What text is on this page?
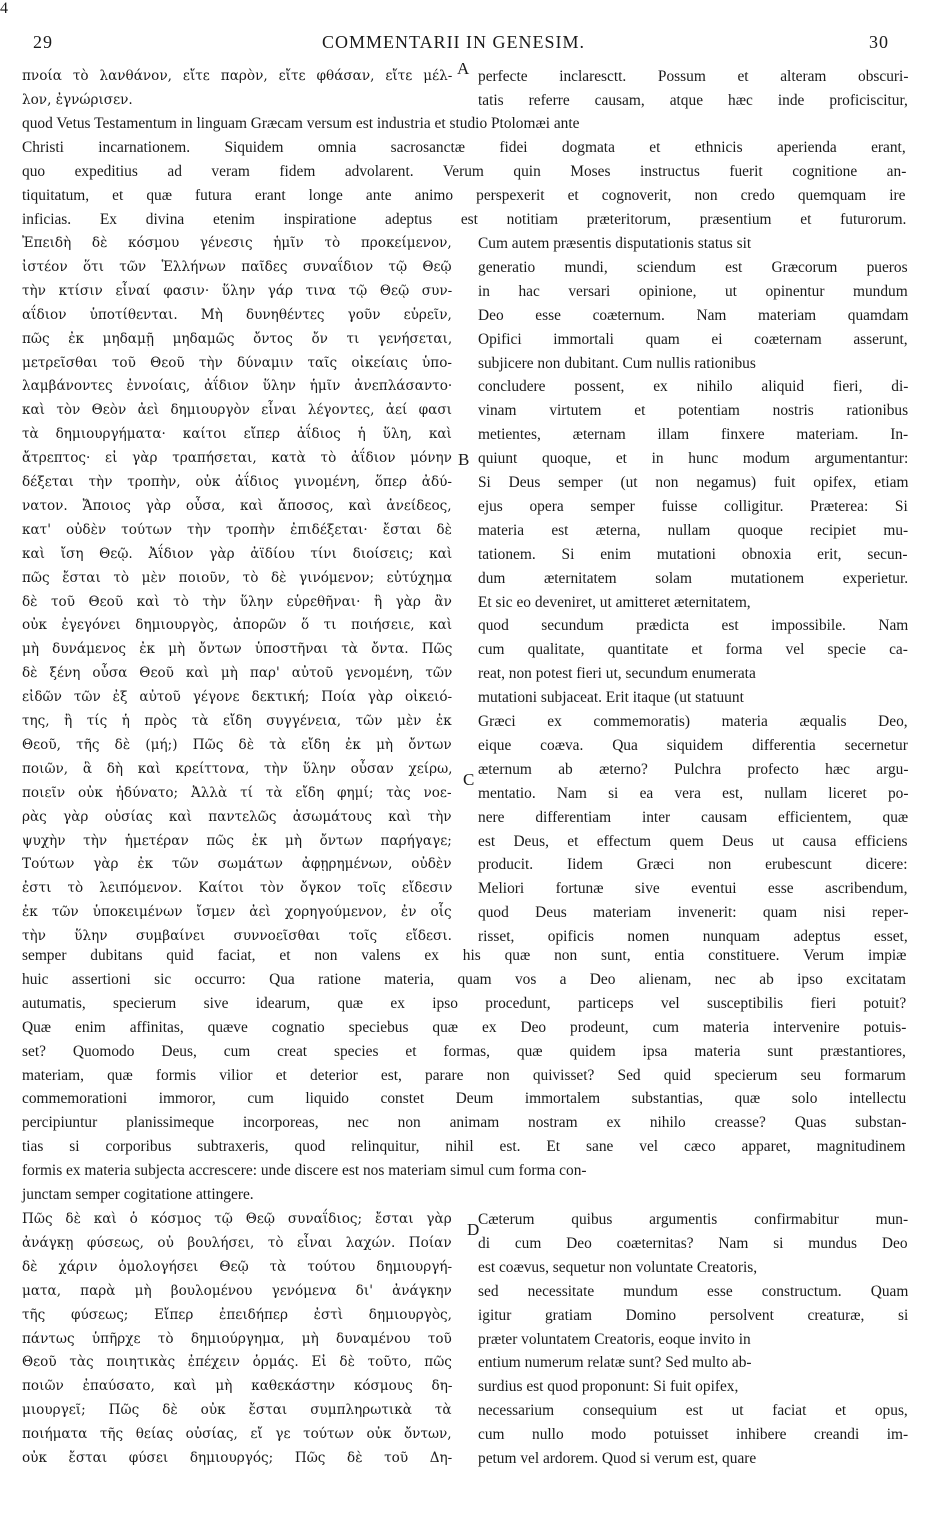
29	COMMENTARII IN GENESIM.	30
A
B
C
D
4
πνοία τὸ λανθάνον, εἴτε παρὸν, εἴτε φθάσαν, εἴτε μέλ-
λον, ἐγνώρισεν.
perfecte inclaresctt. Possum et alteram obscuri-
tatis referre causam, atque hæc inde proficiscitur,
quod Vetus Testamentum in linguam Græcam versum est industria et studio Ptolomæi ante
Christi incarnationem. Siquidem omnia sacrosanctæ fidei dogmata et ethnicis aperienda erant,
quo expeditius ad veram fidem advolarent. Verum quin Moses instructus fuerit cognitione an-
tiquitatum, et quæ futura erant longe ante animo perspexerit et cognoverit, non credo quemquam ire
inficias. Ex divina etenim inspiratione adeptus est notitiam præteritorum, præsentium et futurorum.
Ἐπειδὴ δὲ κόσμου γένεσις ἡμῖν τὸ προκείμενον,
ἰστέον ὅτι τῶν Ἑλλήνων παῖδες συναΐδιον τῷ Θεῷ
τὴν κτίσιν εἶναί φασιν· ὕλην γάρ τινα τῷ Θεῷ συν-
αΐδιον ὑποτίθενται. Μὴ δυνηθέντες γοῦν εὑρεῖν,
πῶς ἐκ μηδαμῇ μηδαμῶς ὄντος ὄν τι γενήσεται,
μετρεῖσθαι τοῦ Θεοῦ τὴν δύναμιν ταῖς οἰκείαις ὑπο-
λαμβάνοντες ἐννοίαις, ἀΐδιον ὕλην ἡμῖν ἀνεπλάσαντο·
καὶ τὸν Θεὸν ἀεὶ δημιουργὸν εἶναι λέγοντες, ἀεί φασι
τὰ δημιουργήματα· καίτοι εἴπερ ἀΐδιος ἡ ὕλη, καὶ
ἄτρεπτος· εἰ γὰρ τραπήσεται, κατὰ τὸ ἀΐδιον μόνην
δέξεται τὴν τροπὴν, οὐκ ἀΐδιος γινομένη, ὅπερ ἀδύ-
νατον. Ἄποιος γὰρ οὖσα, καὶ ἄποσος, καὶ ἀνείδεος,
κατ' οὐδὲν τούτων τὴν τροπὴν ἐπιδέξεται· ἔσται δὲ
καὶ ἴση Θεῷ. Ἀΐδιον γὰρ ἀϊδίου τίνι διοίσεις; καὶ
πῶς ἔσται τὸ μὲν ποιοῦν, τὸ δὲ γινόμενον; εὐτύχημα
δὲ τοῦ Θεοῦ καὶ τὸ τὴν ὕλην εὑρεθῆναι· ἣ γὰρ ἂν
οὐκ ἐγεγόνει δημιουργὸς, ἀπορῶν ὅ τι ποιήσειε, καὶ
μὴ δυνάμενος ἐκ μὴ ὄντων ὑποστῆναι τὰ ὄντα. Πῶς
δὲ ξένη οὖσα Θεοῦ καὶ μὴ παρ' αὐτοῦ γενομένη, τῶν
εἰδῶν τῶν ἐξ αὐτοῦ γέγονε δεκτική; Ποία γὰρ οἰκειό-
της, ἢ τίς ἡ πρὸς τὰ εἴδη συγγένεια, τῶν μὲν ἐκ
Θεοῦ, τῆς δὲ (μή;) Πῶς δὲ τὰ εἴδη ἐκ μὴ ὄντων
ποιῶν, ἃ δὴ καὶ κρείττονα, τὴν ὕλην οὖσαν χείρω,
ποιεῖν οὐκ ἠδύνατο; Ἀλλὰ τί τὰ εἴδη φημί; τὰς νοε-
ρὰς γὰρ οὐσίας καὶ παντελῶς ἀσωμάτους καὶ τὴν
ψυχὴν τὴν ἡμετέραν πῶς ἐκ μὴ ὄντων παρήγαγε;
Τούτων γὰρ ἐκ τῶν σωμάτων ἀφῃρημένων, οὐδὲν
ἐστι τὸ λειπόμενον. Καίτοι τὸν ὄγκον τοῖς εἴδεσιν
ἐκ τῶν ὑποκειμένων ἴσμεν ἀεὶ χορηγούμενον, ἐν οἷς
τὴν ὕλην συμβαίνει συννοεῖσθαι τοῖς εἴδεσι.
Cum autem præsentis disputationis status sit
generatio mundi, sciendum est Græcorum pueros
in hac versari opinione, ut opinentur mundum
Deo esse coæternum. Nam materiam quamdam
Opifici immortali quam ei coæternam asserunt,
subjicere non dubitant. Cum nullis rationibus
concludere possent, ex nihilo aliquid fieri, di-
vinam virtutem et potentiam nostris rationibus
metientes, æternam illam finxere materiam. In-
quiunt quoque, et in hunc modum argumentantur:
Si Deus semper (ut non negamus) fuit opifex, etiam
ejus opera semper fuisse colligitur. Præterea: Si
materia est æterna, nullam quoque recipiet mu-
tationem. Si enim mutationi obnoxia erit, secun-
dum æternitatem solam mutationem experietur.
Et sic eo deveniret, ut amitteret æternitatem,
quod secundum prædicta est impossibile. Nam
cum qualitate, quantitate et forma vel specie ca-
reat, non potest fieri ut, secundum enumerata
mutationi subjaceat. Erit itaque (ut statuunt
Græci ex commemoratis) materia æqualis Deo,
eique coæva. Qua siquidem differentia secernetur
æternum ab æterno? Pulchra profecto hæc argu-
mentatio. Nam si ea vera est, nullam liceret po-
nere differentiam inter causam efficientem, quæ
est Deus, et effectum quem Deus ut causa efficiens
producit. Iidem Græci non erubescunt dicere:
Meliori fortunæ sive eventui esse ascribendum,
quod Deus materiam invenerit: quam nisi reper-
risset, opificis nomen nunquam adeptus esset,
semper dubitans quid faciat, et non valens ex his quæ non sunt, entia constituere. Verum impiæ
huic assertioni sic occurro: Qua ratione materia, quam vos a Deo alienam, nec ab ipso excitatam
autumatis, specierum sive idearum, quæ ex ipso procedunt, particeps vel susceptibilis fieri potuit?
Quæ enim affinitas, quæve cognatio speciebus quæ ex Deo prodeunt, cum materia intervenire potuis-
set? Quomodo Deus, cum creat species et formas, quæ quidem ipsa materia sunt præstantiores,
materiam, quæ formis vilior et deterior est, parare non quivisset? Sed quid specierum seu formarum
commemorationi immoror, cum liquido constet Deum immortalem substantias, quæ solo intellectu
percipiuntur planissimeque incorporeas, nec non animam nostram ex nihilo creasse? Quas substan-
tias si corporibus subtraxeris, quod relinquitur, nihil est. Et sane vel cæco apparet, magnitudinem
formis ex materia subjecta accrescere: unde discere est nos materiam simul cum forma con-
junctam semper cogitatione attingere.
Πῶς δὲ καὶ ὁ κόσμος τῷ Θεῷ συναΐδιος; ἔσται γὰρ
ἀνάγκῃ φύσεως, οὐ βουλήσει, τὸ εἶναι λαχών. Ποίαν
δὲ χάριν ὁμολογήσει Θεῷ τὰ τούτου δημιουργή-
ματα, παρὰ μὴ βουλομένου γενόμενα δι' ἀνάγκην
τῆς φύσεως; Εἴπερ ἐπειδήπερ ἐστὶ δημιουργὸς,
πάντως ὑπῆρχε τὸ δημιούργημα, μὴ δυναμένου τοῦ
Θεοῦ τὰς ποιητικὰς ἐπέχειν ὁρμάς. Εἰ δὲ τοῦτο, πῶς
ποιῶν ἐπαύσατο, καὶ μὴ καθεκάστην κόσμους δη-
μιουργεῖ; Πῶς δὲ οὐκ ἔσται συμπληρωτικὰ τὰ
ποιήματα τῆς θείας οὐσίας, εἴ γε τούτων οὐκ ὄντων,
οὐκ ἔσται φύσει δημιουργός; Πῶς δὲ τοῦ Δη-
Cæterum quibus argumentis confirmabitur mun-
di cum Deo coæternitas? Nam si mundus Deo
est coævus, sequetur non voluntate Creatoris,
sed necessitate mundum esse constructum. Quam
igitur gratiam Domino persolvent creaturæ, si
præter voluntatem Creatoris, eoque invito in
entium numerum relatæ sunt? Sed multo ab-
surdius est quod proponunt: Si fuit opifex,
necessarium consequium est ut faciat et opus,
cum nullo modo potuisset inhibere creandi im-
petum vel ardorem. Quod si verum est, quare
